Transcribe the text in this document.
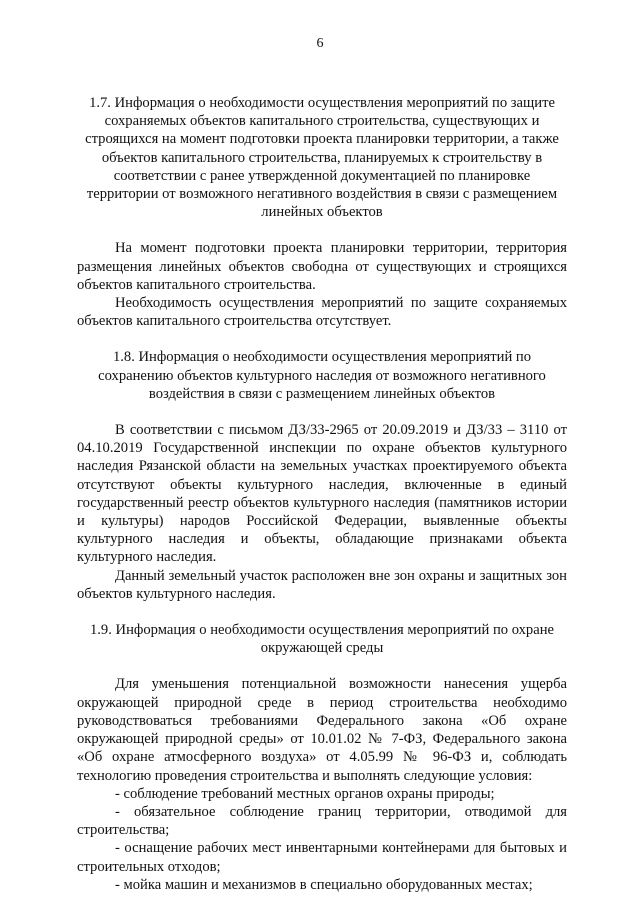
6

1.7. Информация о необходимости осуществления мероприятий по защите сохраняемых объектов капитального строительства, существующих и строящихся на момент подготовки проекта планировки территории, а также объектов капитального строительства, планируемых к строительству в соответствии с ранее утвержденной документацией по планировке территории от возможного негативного воздействия в связи с размещением линейных объектов

На момент подготовки проекта планировки территории, территория размещения линейных объектов свободна от существующих и строящихся объектов капитального строительства.

Необходимость осуществления мероприятий по защите сохраняемых объектов капитального строительства отсутствует.

1.8. Информация о необходимости осуществления мероприятий по сохранению объектов культурного наследия от возможного негативного воздействия в связи с размещением линейных объектов

В соответствии с письмом ДЗ/33-2965 от 20.09.2019 и ДЗ/33 – 3110 от 04.10.2019 Государственной инспекции по охране объектов культурного наследия Рязанской области на земельных участках проектируемого объекта отсутствуют объекты культурного наследия, включенные в единый государственный реестр объектов культурного наследия (памятников истории и культуры) народов Российской Федерации, выявленные объекты культурного наследия и объекты, обладающие признаками объекта культурного наследия.

Данный земельный участок расположен вне зон охраны и защитных зон объектов культурного наследия.

1.9. Информация о необходимости осуществления мероприятий по охране окружающей среды

Для уменьшения потенциальной возможности нанесения ущерба окружающей природной среде в период строительства необходимо руководствоваться требованиями Федерального закона «Об охране окружающей природной среды» от 10.01.02 № 7-ФЗ, Федерального закона «Об охране атмосферного воздуха» от 4.05.99 № 96-ФЗ и, соблюдать технологию проведения строительства и выполнять следующие условия:

- соблюдение требований местных органов охраны природы;

- обязательное соблюдение границ территории, отводимой для строительства;

- оснащение рабочих мест инвентарными контейнерами для бытовых и строительных отходов;

- мойка машин и механизмов в специально оборудованных местах;
